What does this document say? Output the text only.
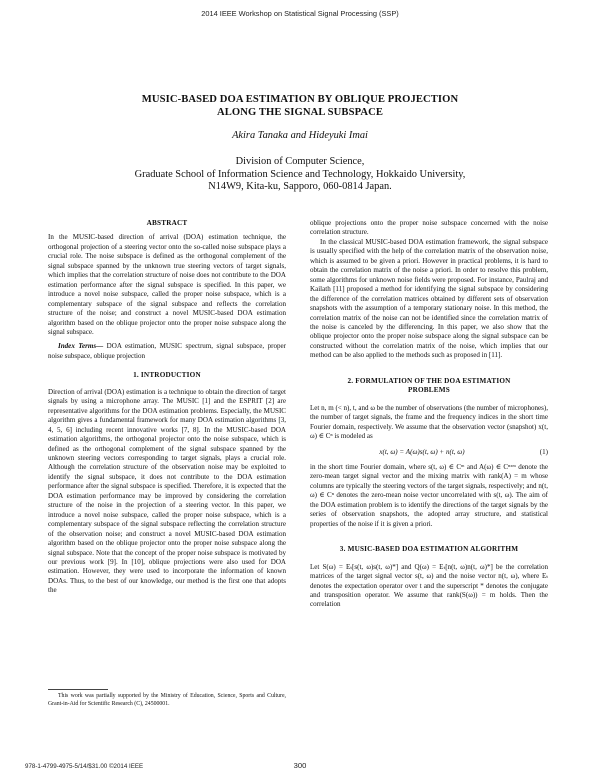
2014 IEEE Workshop on Statistical Signal Processing (SSP)
MUSIC-BASED DOA ESTIMATION BY OBLIQUE PROJECTION
ALONG THE SIGNAL SUBSPACE
Akira Tanaka and Hideyuki Imai
Division of Computer Science,
Graduate School of Information Science and Technology, Hokkaido University,
N14W9, Kita-ku, Sapporo, 060-0814 Japan.

ABSTRACT

In the MUSIC-based direction of arrival (DOA) estimation technique, the orthogonal projection of a steering vector onto the so-called noise subspace plays a crucial role. The noise subspace is defined as the orthogonal complement of the signal subspace spanned by the unknown true steering vectors of target signals, which implies that the correlation structure of noise does not contribute to the DOA estimation performance after the signal subspace is specified. In this paper, we introduce a novel noise subspace, called the proper noise subspace, which is a complementary subspace of the signal subspace and reflects the correlation structure of the noise; and construct a novel MUSIC-based DOA estimation algorithm based on the oblique projector onto the proper noise subspace along the signal subspace.

Index Terms— DOA estimation, MUSIC spectrum, signal subspace, proper noise subspace, oblique projection

1. INTRODUCTION

Direction of arrival (DOA) estimation is a technique to obtain the direction of target signals by using a microphone array. The MUSIC [1] and the ESPRIT [2] are representative algorithms for the DOA estimation problems. Especially, the MUSIC algorithm gives a fundamental framework for many DOA estimation algorithms [3, 4, 5, 6] including recent innovative works [7, 8]. In the MUSIC-based DOA estimation algorithms, the orthogonal projector onto the noise subspace, which is defined as the orthogonal complement of the signal subspace spanned by the unknown steering vectors corresponding to target signals, plays a crucial role. Although the correlation structure of the observation noise may be exploited to identify the signal subspace, it does not contribute to the DOA estimation performance after the signal subspace is specified. Therefore, it is expected that the DOA estimation performance may be improved by considering the correlation structure of the noise in the projection of a steering vector. In this paper, we introduce a novel noise subspace, called the proper noise subspace, which is a complementary subspace of the signal subspace reflecting the correlation structure of the observation noise; and construct a novel MUSIC-based DOA estimation algorithm based on the oblique projector onto the proper noise subspace along the signal subspace. Note that the concept of the proper noise subspace is motivated by our previous work [9]. In [10], oblique projections were also used for DOA estimation. However, they were used to incorporate the information of known DOAs. Thus, to the best of our knowledge, our method is the first one that adopts the

This work was partially supported by the Ministry of Education, Science, Sports and Culture, Grant-in-Aid for Scientific Research (C), 24500001.

oblique projections onto the proper noise subspace concerned with the noise correlation structure.

In the classical MUSIC-based DOA estimation framework, the signal subspace is usually specified with the help of the correlation matrix of the observation noise, which is assumed to be given a priori. However in practical problems, it is hard to obtain the correlation matrix of the noise a priori. In order to resolve this problem, some algorithms for unknown noise fields were proposed. For instance, Paulraj and Kailath [11] proposed a method for identifying the signal subspace by considering the difference of the correlation matrices obtained by different sets of observation snapshots with the assumption of a temporary stationary noise. In this method, the correlation matrix of the noise can not be identified since the correlation matrix of the noise is canceled by the differencing. In this paper, we also show that the oblique projector onto the proper noise subspace along the signal subspace can be constructed without the correlation matrix of the noise, which implies that our method can be also applied to the methods such as proposed in [11].

2. FORMULATION OF THE DOA ESTIMATION
PROBLEMS

Let n, m (< n), t, and ω be the number of observations (the number of microphones), the number of target signals, the frame and the frequency indices in the short time Fourier domain, respectively. We assume that the observation vector (snapshot) x(t, ω) ∈ Cⁿ is modeled as

x(t, ω) = A(ω)s(t, ω) + n(t, ω)	(1)

in the short time Fourier domain, where s(t, ω) ∈ Cᵐ and A(ω) ∈ Cⁿˣᵐ denote the zero-mean target signal vector and the mixing matrix with rank(A) = m whose columns are typically the steering vectors of the target signals, respectively; and n(t, ω) ∈ Cⁿ denotes the zero-mean noise vector uncorrelated with s(t, ω). The aim of the DOA estimation problem is to identify the directions of the target signals by the series of observation snapshots, the adopted array structure, and statistical properties of the noise if it is given a priori.

3. MUSIC-BASED DOA ESTIMATION ALGORITHM

Let S(ω) = Eₜ[s(t, ω)s(t, ω)*] and Q(ω) = Eₜ[n(t, ω)n(t, ω)*] be the correlation matrices of the target signal vector s(t, ω) and the noise vector n(t, ω), where Eₜ denotes the expectation operator over t and the superscript * denotes the conjugate and transposition operator. We assume that rank(S(ω)) = m holds. Then the correlation

978-1-4799-4975-5/14/$31.00 ©2014 IEEE	300
